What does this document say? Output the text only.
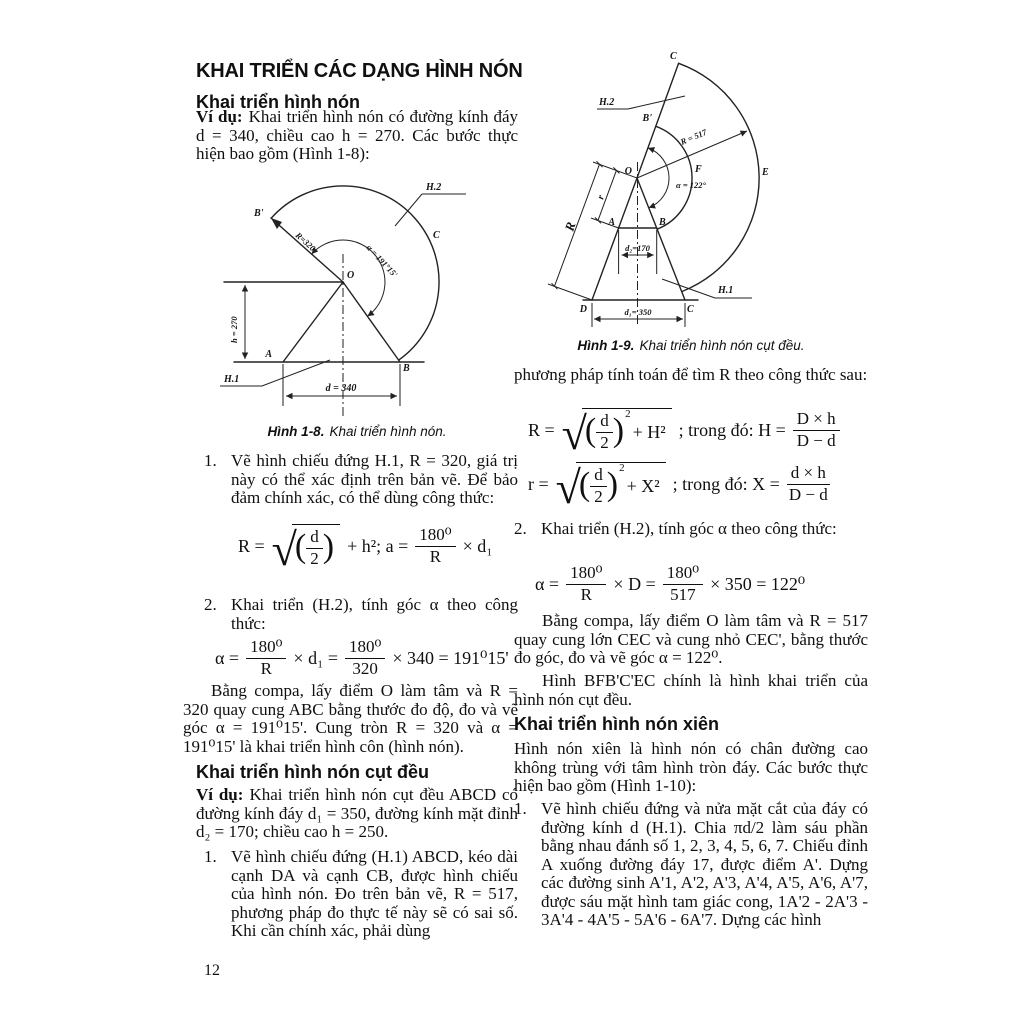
KHAI TRIỂN CÁC DẠNG HÌNH NÓN
Khai triển hình nón

Ví dụ: Khai triển hình nón có đường kính đáy d = 340, chiều cao h = 270. Các bước thực hiện bao gồm (Hình 1-8):

B'
O
A
B
C
H.2
H.1
h = 270
d = 340
R=320
α = 191°15'
Hình 1-8. Khai triển hình nón.
1. Vẽ hình chiếu đứng H.1, R = 320, giá trị này có thể xác định trên bản vẽ. Để bảo đảm chính xác, có thể dùng công thức:
R = √
( $\frac{d}{2}$ ) + h²; $a = \frac{\text{180⁰}}{R} \times d_1$
2. Khai triển (H.2), tính góc α theo công thức:
$\alpha = \frac{\text{180⁰}}{R} \times d_1 = \frac{\text{180⁰}}{320} \times 340 = 191^015'$

Bằng compa, lấy điểm O làm tâm và R = 320 quay cung ABC bằng thước đo độ, đo và vẽ góc α = 191⁰15'. Cung tròn R = 320 và α = 191⁰15' là khai triển hình côn (hình nón).

Khai triển hình nón cụt đều

Ví dụ: Khai triển hình nón cụt đều ABCD có đường kính đáy d₁ = 350, đường kính mặt đỉnh d₂ = 170; chiều cao h = 250.

1. Vẽ hình chiếu đứng (H.1) ABCD, kéo dài cạnh DA và cạnh CB, được hình chiếu của hình nón. Đo trên bản vẽ, R = 517, phương pháp đo thực tế này sẽ có sai số. Khi cần chính xác, phải dùng
12
C
B'
O	F
α = 122°
E
A	B
D	C
H.2
H.1
R = 517
d₂=170
d₁= 350
r
R
Hình 1-9. Khai triển hình nón cụt đều.

phương pháp tính toán để tìm R theo công thức sau:

R = √
( $\frac{d}{2}$ ) 2
+ H² ; trong đó: $H = \frac{D \times h}{D - d}$
r = √
( $\frac{d}{2}$ ) 2
+ X² ; trong đó: $X = \frac{d \times h}{D - d}$
2. Khai triển (H.2), tính góc α theo công thức:
$\alpha = \frac{\text{180⁰}}{R} \times D = \frac{\text{180⁰}}{517} \times 350 = 122^0$

Bằng compa, lấy điểm O làm tâm và R = 517 quay cung lớn CEC và cung nhỏ CEC', bằng thước đo góc, đo và vẽ góc α = 122⁰.

Hình BFB'C'EC chính là hình khai triển của hình nón cụt đều.

Khai triển hình nón xiên

Hình nón xiên là hình nón có chân đường cao không trùng với tâm hình tròn đáy. Các bước thực hiện bao gồm (Hình 1-10):

1. Vẽ hình chiếu đứng và nửa mặt cắt của đáy có đường kính d (H.1). Chia πd/2 làm sáu phần bằng nhau đánh số 1, 2, 3, 4, 5, 6, 7. Chiếu đỉnh A xuống đường đáy 17, được điểm A'. Dựng các đường sinh A'1, A'2, A'3, A'4, A'5, A'6, A'7, được sáu mặt hình tam giác cong, 1A'2 - 2A'3 - 3A'4 - 4A'5 - 5A'6 - 6A'7. Dựng các hình
